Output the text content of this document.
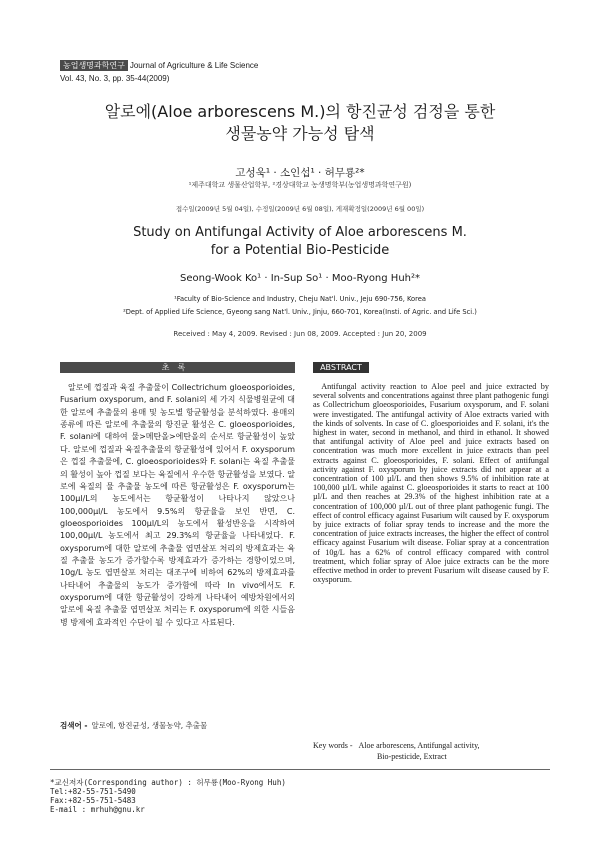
농업생명과학연구 Journal of Agriculture & Life Science
Vol. 43, No. 3, pp. 35-44(2009)
알로에(Aloe arborescens M.)의 항진균성 검정을 통한
생물농약 가능성 탐색
고성욱¹ · 소인섭¹ · 허무룡²*
¹제주대학교 생물산업학부, ²경상대학교 농생명학부(농업생명과학연구원)
접수일(2009년 5월 04일), 수정일(2009년 6월 08일), 게재확정일(2009년 6월 00일)
Study on Antifungal Activity of Aloe arborescens M.
for a Potential Bio-Pesticide
Seong-Wook Ko¹ · In-Sup So¹ · Moo-Ryong Huh²*
¹Faculty of Bio-Science and Industry, Cheju Nat'l. Univ., Jeju 690-756, Korea
²Dept. of Applied Life Science, Gyeong sang Nat'l. Univ., Jinju, 660-701, Korea(Insti. of Agric. and Life Sci.)
Received : May 4, 2009. Revised : Jun 08, 2009. Accepted : Jun 20, 2009
초록	ABSTRACT

알로에 껍질과 육질 추출물이 Collectrichum gloeosporioides, Fusarium oxysporum, and F. solani의 세 가지 식물병원균에 대한 알로에 추출물의 용매 및 농도별 항균활성을 분석하였다. 용매의 종류에 따른 알로에 추출물의 항진균 활성은 C. gloeosporioides, F. solani에 대하여 물>메탄올>에탄올의 순서로 항균활성이 높았다. 알로에 껍질과 육질추출물의 항균활성에 있어서 F. oxysporum은 껍질 추출물에, C. gloeosporioides와 F. solani는 육질 추출물의 활성이 높아 껍질 보다는 육질에서 우수한 항균활성을 보였다. 알로에 육질의 물 추출물 농도에 따른 항균활성은 F. oxysporum는 100µl/L의 농도에서는 항균활성이 나타나지 않았으나 100,000µl/L 농도에서 9.5%의 항균율을 보인 반면, C. gloeosporioides 100µl/L의 농도에서 활성반응을 시작하여 100,00µl/L 농도에서 최고 29.3%의 항균율을 나타내었다. F. oxysporum에 대한 알로에 추출물 엽면살포 처리의 방제효과는 육질 추출물 농도가 증가할수록 방제효과가 증가하는 경향이었으며, 10g/L 농도 엽면살포 처리는 대조구에 비하여 62%의 방제효과를 나타내어 추출물의 농도가 증가함에 따라 In vivo에서도 F. oxysporum에 대한 항균활성이 강하게 나타내어 예방차원에서의 알로에 육질 추출물 엽면살포 처리는 F. oxysporum에 의한 시들음병 방제에 효과적인 수단이 될 수 있다고 사료된다.

Antifungal activity reaction to Aloe peel and juice extracted by several solvents and concentrations against three plant pathogenic fungi as Collectrichum gloeosporioides, Fusarium oxysporum, and F. solani were investigated. The antifungal activity of Aloe extracts varied with the kinds of solvents. In case of C. gloesporioides and F. solani, it's the highest in water, second in methanol, and third in ethanol. It showed that antifungal activity of Aloe peel and juice extracts based on concentration was much more excellent in juice extracts than peel extracts against C. gloeosporioides, F. solani. Effect of antifungal activity against F. oxysporum by juice extracts did not appear at a concentration of 100 µl/L and then shows 9.5% of inhibition rate at 100,000 µl/L while against C. gloeosporioides it starts to react at 100 µl/L and then reaches at 29.3% of the highest inhibition rate at a concentration of 100,000 µl/L out of three plant pathogenic fungi. The effect of control efficacy against Fusarium wilt caused by F. oxysporum by juice extracts of foliar spray tends to increase and the more the concentration of juice extracts increases, the higher the effect of control efficacy against Fusarium wilt disease. Foliar spray at a concentration of 10g/L has a 62% of control efficacy compared with control treatment, which foliar spray of Aloe juice extracts can be the more effective method in order to prevent Fusarium wilt disease caused by F. oxysporum.

검색어 - 알로에, 항진균성, 생물농약, 추출물
Key words - Aloe arborescens, Antifungal activity,
Bio-pesticide, Extract
*교신저자(Corresponding author) : 허무룡(Moo-Ryong Huh)
Tel:+82-55-751-5490
Fax:+82-55-751-5483
E-mail : mrhuh@gnu.kr
